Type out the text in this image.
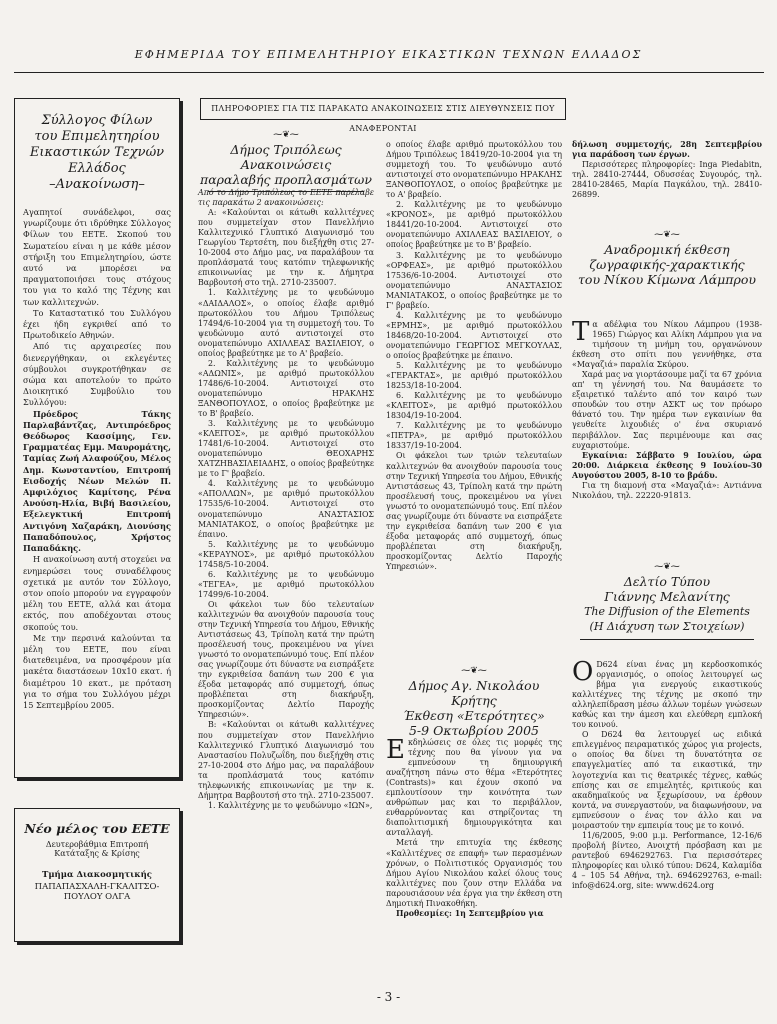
ΕΦΗΜΕΡΙΔΑ ΤΟΥ ΕΠΙΜΕΛΗΤΗΡΙΟΥ ΕΙΚΑΣΤΙΚΩΝ ΤΕΧΝΩΝ ΕΛΛΑΔΟΣ
ΠΛΗΡΟΦΟΡΙΕΣ ΓΙΑ ΤΙΣ ΠΑΡΑΚΑΤΩ ΑΝΑΚΟΙΝΩΣΕΙΣ ΣΤΙΣ ΔΙΕΥΘΥΝΣΕΙΣ ΠΟΥ ΑΝΑΦΕΡΟΝΤΑΙ
Σύλλογος Φίλων
του Επιμελητηρίου
Εικαστικών Τεχνών
Ελλάδος
–Ανακοίνωση–

Αγαπητοί συνάδελφοι, σας γνωρίζουμε ότι ιδρύθηκε Σύλλογος Φίλων του ΕΕΤΕ. Σκοπού του Σωματείου είναι η με κάθε μέσον στήριξη του Επιμελητηρίου, ώστε αυτό να μπορέσει να πραγματοποιήσει τους στόχους του για το καλό της Τέχνης και των καλλιτεχνών.

Το Καταστατικό του Συλλόγου έχει ήδη εγκριθεί από το Πρωτοδικείο Αθηνών.

Από τις αρχαιρεσίες που διενεργήθηκαν, οι εκλεγέντες σύμβουλοι συγκροτήθηκαν σε σώμα και αποτελούν το πρώτο Διοικητικό Συμβούλιο του Συλλόγου:

Πρόεδρος Τάκης Παρλαβάντζας, Αντιπρόεδρος Θεόδωρος Κασσίμης, Γεν. Γραμματέας Εμμ. Μαυρομάτης, Ταμίας Ζωή Αλαφούζου, Μέλος Δημ. Κωνσταντίου, Επιτροπή Εισδοχής Νέων Μελών Π. Αμφιλόχιος Καμίτσης, Ρένα Ανούση-Ηλία, Βιβή Βασιλείου, Εξελεγκτική Επιτροπή Αντιγόνη Χαζαράκη, Διονύσης Παπαδόπουλος, Χρήστος Παπαδάκης.

Η ανακοίνωση αυτή στοχεύει να ενημερώσει τους συναδέλφους σχετικά με αυτόν τον Σύλλογο, στον οποίο μπορούν να εγγραφούν μέλη του ΕΕΤΕ, αλλά και άτομα εκτός, που αποδέχονται στους σκοπούς του.

Με την περσινά καλούνται τα μέλη του ΕΕΤΕ, που είναι διατεθειμένα, να προσφέρουν μία μακέτα διαστάσεων 10x10 εκατ. ή διαμέτρου 10 εκατ., με πρόταση για το σήμα του Συλλόγου μέχρι 15 Σεπτεμβρίου 2005.

Νέο μέλος του ΕΕΤΕ
Δευτεροβάθμια Επιτροπή
Κατάταξης & Κρίσης
Τμήμα Διακοσμητικής
ΠΑΠΑΠΑΣΧΑΛΗ-ΓΚΑΛΙΤΣΟ-
ΠΟΥΛΟΥ ΟΛΓΑ
⁓❦⁓
Δήμος Τριπόλεως
Ανακοινώσεις
παραλαβής προπλασμάτων

Από το Δήμο Τριπόλεως το ΕΕΤΕ παρέλαβε τις παρακάτω 2 ανακοινώσεις:

Α: «Καλούνται οι κάτωθι καλλιτέχνες που συμμετείχαν στον Πανελλήνιο Καλλιτεχνικό Γλυπτικό Διαγωνισμό του Γεωργίου Τερτσέτη, που διεξήχθη στις 27-10-2004 στο Δήμο μας, να παραλάβουν τα προπλάσματά τους κατόπιν τηλεφωνικής επικοινωνίας με την κ. Δήμητρα Βαρβουτσή στο τηλ. 2710-235007.

1. Καλλιτέχνης με το ψευδώνυμο «ΔΑΙΔΑΛΟΣ», ο οποίος έλαβε αριθμό πρωτοκόλλου του Δήμου Τριπόλεως 17494/6-10-2004 για τη συμμετοχή του. Το ψευδώνυμο αυτό αντιστοιχεί στο ονοματεπώνυμο ΑΧΙΛΛΕΑΣ ΒΑΣΙΛΕΙΟΥ, ο οποίος βραβεύτηκε με το Α' βραβείο.

2. Καλλιτέχνης με το ψευδώνυμο «ΑΔΩΝΙΣ», με αριθμό πρωτοκόλλου 17486/6-10-2004. Αντιστοιχεί στο ονοματεπώνυμο ΗΡΑΚΛΗΣ ΞΑΝΘΟΠΟΥΛΟΣ, ο οποίος βραβεύτηκε με το Β' βραβείο.

3. Καλλιτέχνης με το ψευδώνυμο «ΚΛΕΙΤΟΣ», με αριθμό πρωτοκόλλου 17481/6-10-2004. Αντιστοιχεί στο ονοματεπώνυμο ΘΕΟΧΑΡΗΣ ΧΑΤΖΗΒΑΣΙΛΕΙΑΔΗΣ, ο οποίος βραβεύτηκε με το Γ' βραβείο.

4. Καλλιτέχνης με το ψευδώνυμο «ΑΠΟΛΛΩΝ», με αριθμό πρωτοκόλλου 17535/6-10-2004. Αντιστοιχεί στο ονοματεπώνυμο ΑΝΑΣΤΑΣΙΟΣ ΜΑΝΙΑΤΑΚΟΣ, ο οποίος βραβεύτηκε με έπαινο.

5. Καλλιτέχνης με το ψευδώνυμο «ΚΕΡΑΥΝΟΣ», με αριθμό πρωτοκόλλου 17458/5-10-2004.

6. Καλλιτέχνης με το ψευδώνυμο «ΤΕΓΕΑ», με αριθμό πρωτοκόλλου 17499/6-10-2004.

Οι φάκελοι των δύο τελευταίων καλλιτεχνών θα ανοιχθούν παρουσία τους στην Τεχνική Υπηρεσία του Δήμου, Εθνικής Αντιστάσεως 43, Τρίπολη κατά την πρώτη προσέλευσή τους, προκειμένου να γίνει γνωστό το ονοματεπώνυμό τους. Επί πλέον σας γνωρίζουμε ότι δύναστε να εισπράξετε την εγκριθείσα δαπάνη των 200 € για έξοδα μεταφοράς από συμμετοχή, όπως προβλέπεται στη διακήρυξη, προσκομίζοντας Δελτίο Παροχής Υπηρεσιών».

Β: «Καλούνται οι κάτωθι καλλιτέχνες που συμμετείχαν στον Πανελλήνιο Καλλιτεχνικό Γλυπτικό Διαγωνισμό του Αναστασίου Πολυζωΐδη, που διεξήχθη στις 27-10-2004 στο Δήμο μας, να παραλάβουν τα προπλάσματά τους κατόπιν τηλεφωνικής επικοινωνίας με την κ. Δήμητρα Βαρβουτσή στο τηλ. 2710-235007.

1. Καλλιτέχνης με το ψευδώνυμο «ΙΩΝ»,

ο οποίος έλαβε αριθμό πρωτοκόλλου του Δήμου Τριπόλεως 18419/20-10-2004 για τη συμμετοχή του. Το ψευδώνυμο αυτό αντιστοιχεί στο ονοματεπώνυμο ΗΡΑΚΛΗΣ ΞΑΝΘΟΠΟΥΛΟΣ, ο οποίος βραβεύτηκε με το Α' βραβείο.

2. Καλλιτέχνης με το ψευδώνυμο «ΚΡΟΝΟΣ», με αριθμό πρωτοκόλλου 18441/20-10-2004. Αντιστοιχεί στο ονοματεπώνυμο ΑΧΙΛΛΕΑΣ ΒΑΣΙΛΕΙΟΥ, ο οποίος βραβεύτηκε με το Β' βραβείο.

3. Καλλιτέχνης με το ψευδώνυμο «ΟΡΦΕΑΣ», με αριθμό πρωτοκόλλου 17536/6-10-2004. Αντιστοιχεί στο ονοματεπώνυμο ΑΝΑΣΤΑΣΙΟΣ ΜΑΝΙΑΤΑΚΟΣ, ο οποίος βραβεύτηκε με το Γ' βραβείο.

4. Καλλιτέχνης με το ψευδώνυμο «ΕΡΜΗΣ», με αριθμό πρωτοκόλλου 18468/20-10-2004. Αντιστοιχεί στο ονοματεπώνυμο ΓΕΩΡΓΙΟΣ ΜΕΓΚΟΥΛΑΣ, ο οποίος βραβεύτηκε με έπαινο.

5. Καλλιτέχνης με το ψευδώνυμο «ΓΕΡΑΚΤΑΣ», με αριθμό πρωτοκόλλου 18253/18-10-2004.

6. Καλλιτέχνης με το ψευδώνυμο «ΚΛΕΙΤΟΣ», με αριθμό πρωτοκόλλου 18304/19-10-2004.

7. Καλλιτέχνης με το ψευδώνυμο «ΠΕΤΡΑ», με αριθμό πρωτοκόλλου 18337/19-10-2004.

Οι φάκελοι των τριών τελευταίων καλλιτεχνών θα ανοιχθούν παρουσία τους στην Τεχνική Υπηρεσία του Δήμου, Εθνικής Αντιστάσεως 43, Τρίπολη κατά την πρώτη προσέλευσή τους, προκειμένου να γίνει γνωστό το ονοματεπώνυμό τους. Επί πλέον σας γνωρίζουμε ότι δύναστε να εισπράξετε την εγκριθείσα δαπάνη των 200 € για έξοδα μεταφοράς από συμμετοχή, όπως προβλέπεται στη διακήρυξη, προσκομίζοντας Δελτίο Παροχής Υπηρεσιών».

⁓❦⁓
Δήμος Αγ. Νικολάου Κρήτης
Έκθεση «Ετερότητες»
5-9 Οκτωβρίου 2005

Εκδηλώσεις σε όλες τις μορφές της τέχνης που θα γίνουν για να εμπνεύσουν τη δημιουργική αναζήτηση πάνω στο θέμα «Ετερότητες (Contrasts)» και έχουν σκοπό να εμπλουτίσουν την κοινότητα των ανθρώπων μας και το περιβάλλον, ενθαρρύνοντας και στηρίζοντας τη διαπολιτισμική δημιουργικότητα και ανταλλαγή.

Μετά την επιτυχία της έκθεσης «Καλλιτέχνες σε επαφή» των περασμένων χρόνων, ο Πολιτιστικός Οργανισμός του Δήμου Αγίου Νικολάου καλεί όλους τους καλλιτέχνες που ζουν στην Ελλάδα να παρουσιάσουν νέα έργα για την έκθεση στη Δημοτική Πινακοθήκη.

Προθεσμίες: 1η Σεπτεμβρίου για

δήλωση συμμετοχής, 28η Σεπτεμβρίου για παράδοση των έργων.

Περισσότερες πληροφορίες: Inga Piedabitn, τηλ. 28410-27444, Οδυσσέας Συγουρός, τηλ. 28410-28465, Μαρία Παγκάλου, τηλ. 28410-26899.

⁓❦⁓
Αναδρομική έκθεση
ζωγραφικής-χαρακτικής
του Νίκου Κίμωνα Λάμπρου

Τα αδέλφια του Νίκου Λάμπρου (1938-1965) Γιώργος και Αλίκη Λάμπρου για να τιμήσουν τη μνήμη του, οργανώνουν έκθεση στο σπίτι που γεννήθηκε, στα «Μαγαζιά» παραλία Σκύρου.

Χαρά μας να γιορτάσουμε μαζί τα 67 χρόνια απ' τη γέννησή του. Να θαυμάσετε το εξαιρετικό ταλέντο από τον καιρό των σπουδών του στην ΑΣΚΤ ως τον πρόωρο θάνατό του. Την ημέρα των εγκαινίων θα γευθείτε λιχουδιές ο' ένα σκυριανό περιβάλλον. Σας περιμένουμε και σας ευχαριστούμε.

Εγκαίνια: Σάββατο 9 Ιουλίου, ώρα 20:00. Διάρκεια έκθεσης 9 Ιουλίου-30 Αυγούστου 2005, 8-10 το βράδυ.

Για τη διαμονή στα «Μαγαζιά»: Αντιάννα Νικολάου, τηλ. 22220-91813.

⁓❦⁓
Δελτίο Τύπου
Γιάννης Μελανίτης
The Diffusion of the Elements
(Η Διάχυση των Στοιχείων)

Ο D624 είναι ένας μη κερδοσκοπικός οργανισμός, ο οποίος λειτουργεί ως βήμα για ενεργούς εικαστικούς καλλιτέχνες της τέχνης με σκοπό την αλληλεπίδραση μέσω άλλων τομέων γνώσεων καθώς και την άμεση και ελεύθερη εμπλοκή του κοινού.

Ο D624 θα λειτουργεί ως ειδικά επιλεγμένος πειραματικός χώρος για projects, ο οποίος θα δίνει τη δυνατότητα σε επαγγελματίες από τα εικαστικά, την λογοτεχνία και τις θεατρικές τέχνες, καθώς επίσης και σε επιμελητές, κριτικούς και ακαδημαϊκούς να ξεχωρίσουν, να έρθουν κοντά, να συνεργαστούν, να διαφωνήσουν, να εμπνεύσουν ο ένας τον άλλο και να μοιραστούν την εμπειρία τους με το κοινό.

11/6/2005, 9:00 μ.μ. Performance, 12-16/6 προβολή βίντεο, Ανοιχτή πρόσβαση και με ραντεβού 6946292763. Για περισσότερες πληροφορίες και υλικό τύπου: D624, Καλαμίδα 4 – 105 54 Αθήνα, τηλ. 6946292763, e-mail: info@d624.org, site: www.d624.org

- 3 -
